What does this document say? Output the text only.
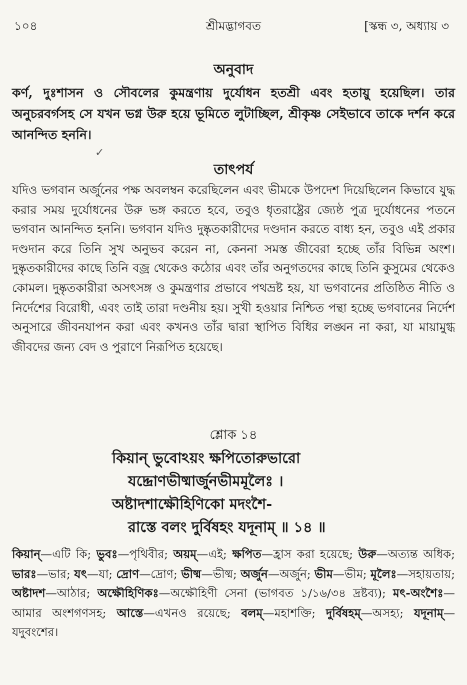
১০৪	শ্রীমদ্ভাগবত	[স্কন্ধ ৩, অধ্যায় ৩
অনুবাদ
কর্ণ, দুঃশাসন ও সৌবলের কুমন্ত্রণায় দুর্যোধন হতশ্রী এবং হতায়ু হয়েছিল। তার অনুচরবর্গসহ সে যখন ভগ্ন উরু হয়ে ভূমিতে লুটাচ্ছিল, শ্রীকৃষ্ণ সেইভাবে তাকে দর্শন করে আনন্দিত হননি।
✓
তাৎপর্য
যদিও ভগবান অর্জুনের পক্ষ অবলম্বন করেছিলেন এবং ভীমকে উপদেশ দিয়েছিলেন কিভাবে যুদ্ধ করার সময় দুর্যোধনের উরু ভঙ্গ করতে হবে, তবুও ধৃতরাষ্ট্রের জ্যেষ্ঠ পুত্র দুর্যোধনের পতনে ভগবান আনন্দিত হননি। ভগবান যদিও দুষ্কৃতকারীদের দণ্ডদান করতে বাধ্য হন, তবুও এই প্রকার দণ্ডদান করে তিনি সুখ অনুভব করেন না, কেননা সমস্ত জীবেরা হচ্ছে তাঁর বিভিন্ন অংশ। দুষ্কৃতকারীদের কাছে তিনি বজ্র থেকেও কঠোর এবং তাঁর অনুগতদের কাছে তিনি কুসুমের থেকেও কোমল। দুষ্কৃতকারীরা অসৎসঙ্গ ও কুমন্ত্রণার প্রভাবে পথভ্রষ্ট হয়, যা ভগবানের প্রতিষ্ঠিত নীতি ও নির্দেশের বিরোধী, এবং তাই তারা দণ্ডনীয় হয়। সুখী হওয়ার নিশ্চিত পন্থা হচ্ছে ভগবানের নির্দেশ অনুসারে জীবনযাপন করা এবং কখনও তাঁর দ্বারা স্থাপিত বিধির লঙ্ঘন না করা, যা মায়ামুগ্ধ জীবদের জন্য বেদ ও পুরাণে নিরূপিত হয়েছে।
শ্লোক ১৪
কিয়ান্ ভুবোঽয়ং ক্ষপিতোরুভারো
যদ্দ্রোণভীষ্মার্জুনভীমমূলৈঃ ।
অষ্টাদশাক্ষৌহিণিকো মদংশৈ-
রাস্তে বলং দুর্বিষহং যদূনাম্ ॥ ১৪ ॥
কিয়ান্—এটি কি; ভুবঃ—পৃথিবীর; অয়ম্—এই; ক্ষপিত—হ্রাস করা হয়েছে; উরু—অত্যন্ত অধিক; ভারঃ—ভার; যৎ—যা; দ্রোণ—দ্রোণ; ভীষ্ম—ভীষ্ম; অর্জুন—অর্জুন; ভীম—ভীম; মূলৈঃ—সহায়তায়; অষ্টাদশ—আঠার; অক্ষৌহিণিকঃ—অক্ষৌহিণী সেনা (ভাগবত ১/১৬/৩৪ দ্রষ্টব্য); মৎ-অংশৈঃ—আমার অংশগণসহ; আস্তে—এখনও রয়েছে; বলম্—মহাশক্তি; দুর্বিষহম্—অসহ্য; যদূনাম্—যদুবংশের।
